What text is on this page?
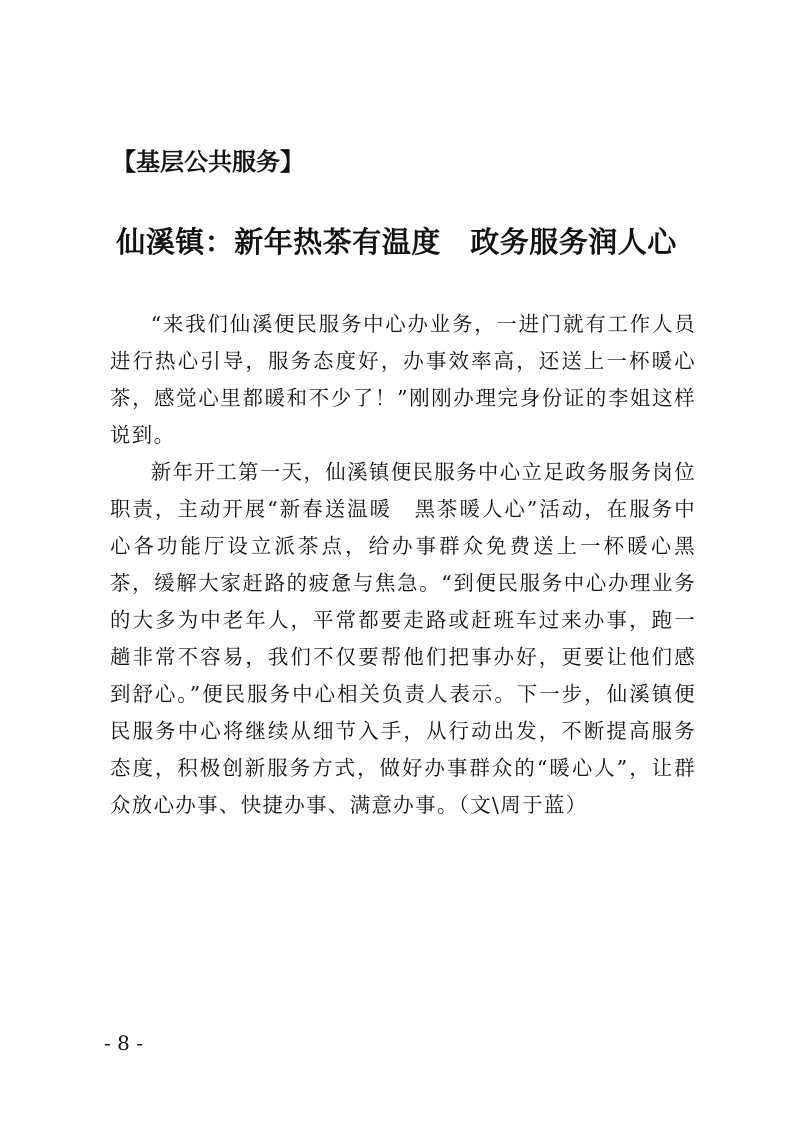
【基层公共服务】
仙溪镇：新年热茶有温度　政务服务润人心

“来我们仙溪便民服务中心办业务，一进门就有工作人员进行热心引导，服务态度好，办事效率高，还送上一杯暖心茶，感觉心里都暖和不少了！”刚刚办理完身份证的李姐这样说到。

新年开工第一天，仙溪镇便民服务中心立足政务服务岗位职责，主动开展“新春送温暖　黑茶暖人心”活动，在服务中心各功能厅设立派茶点，给办事群众免费送上一杯暖心黑茶，缓解大家赶路的疲惫与焦急。“到便民服务中心办理业务的大多为中老年人，平常都要走路或赶班车过来办事，跑一趟非常不容易，我们不仅要帮他们把事办好，更要让他们感到舒心。”便民服务中心相关负责人表示。下一步，仙溪镇便民服务中心将继续从细节入手，从行动出发，不断提高服务态度，积极创新服务方式，做好办事群众的“暖心人”，让群众放心办事、快捷办事、满意办事。（文\周于蓝）

- 8 -
